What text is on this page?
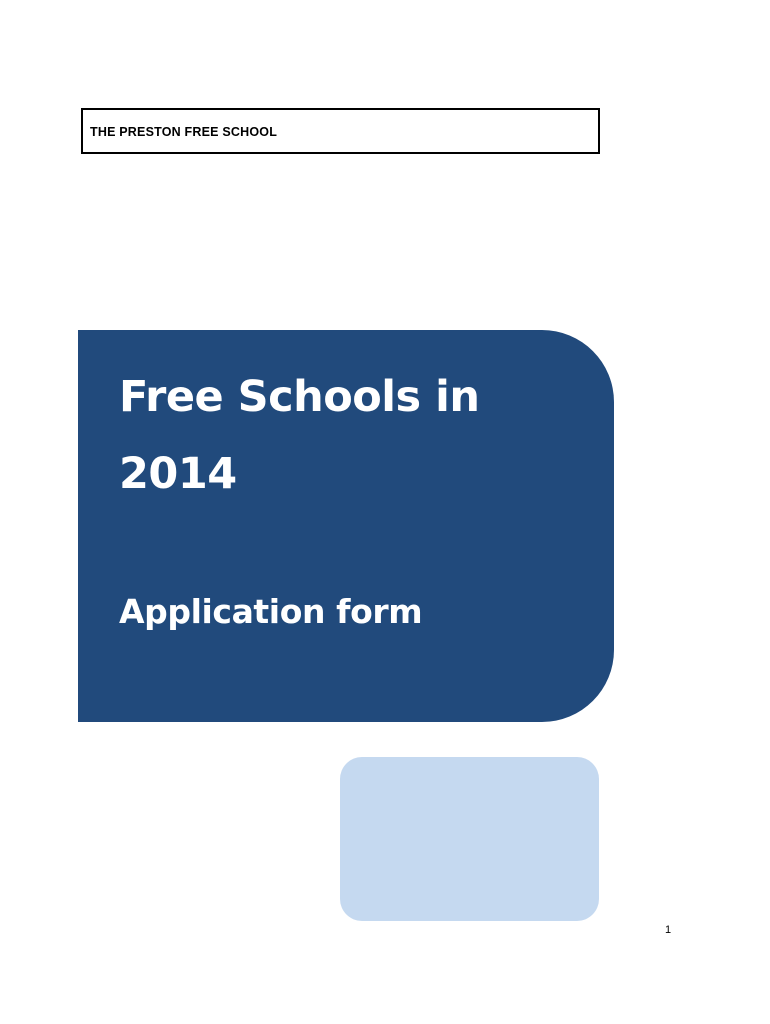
THE PRESTON FREE SCHOOL
Free Schools in
2014
Application form
1
